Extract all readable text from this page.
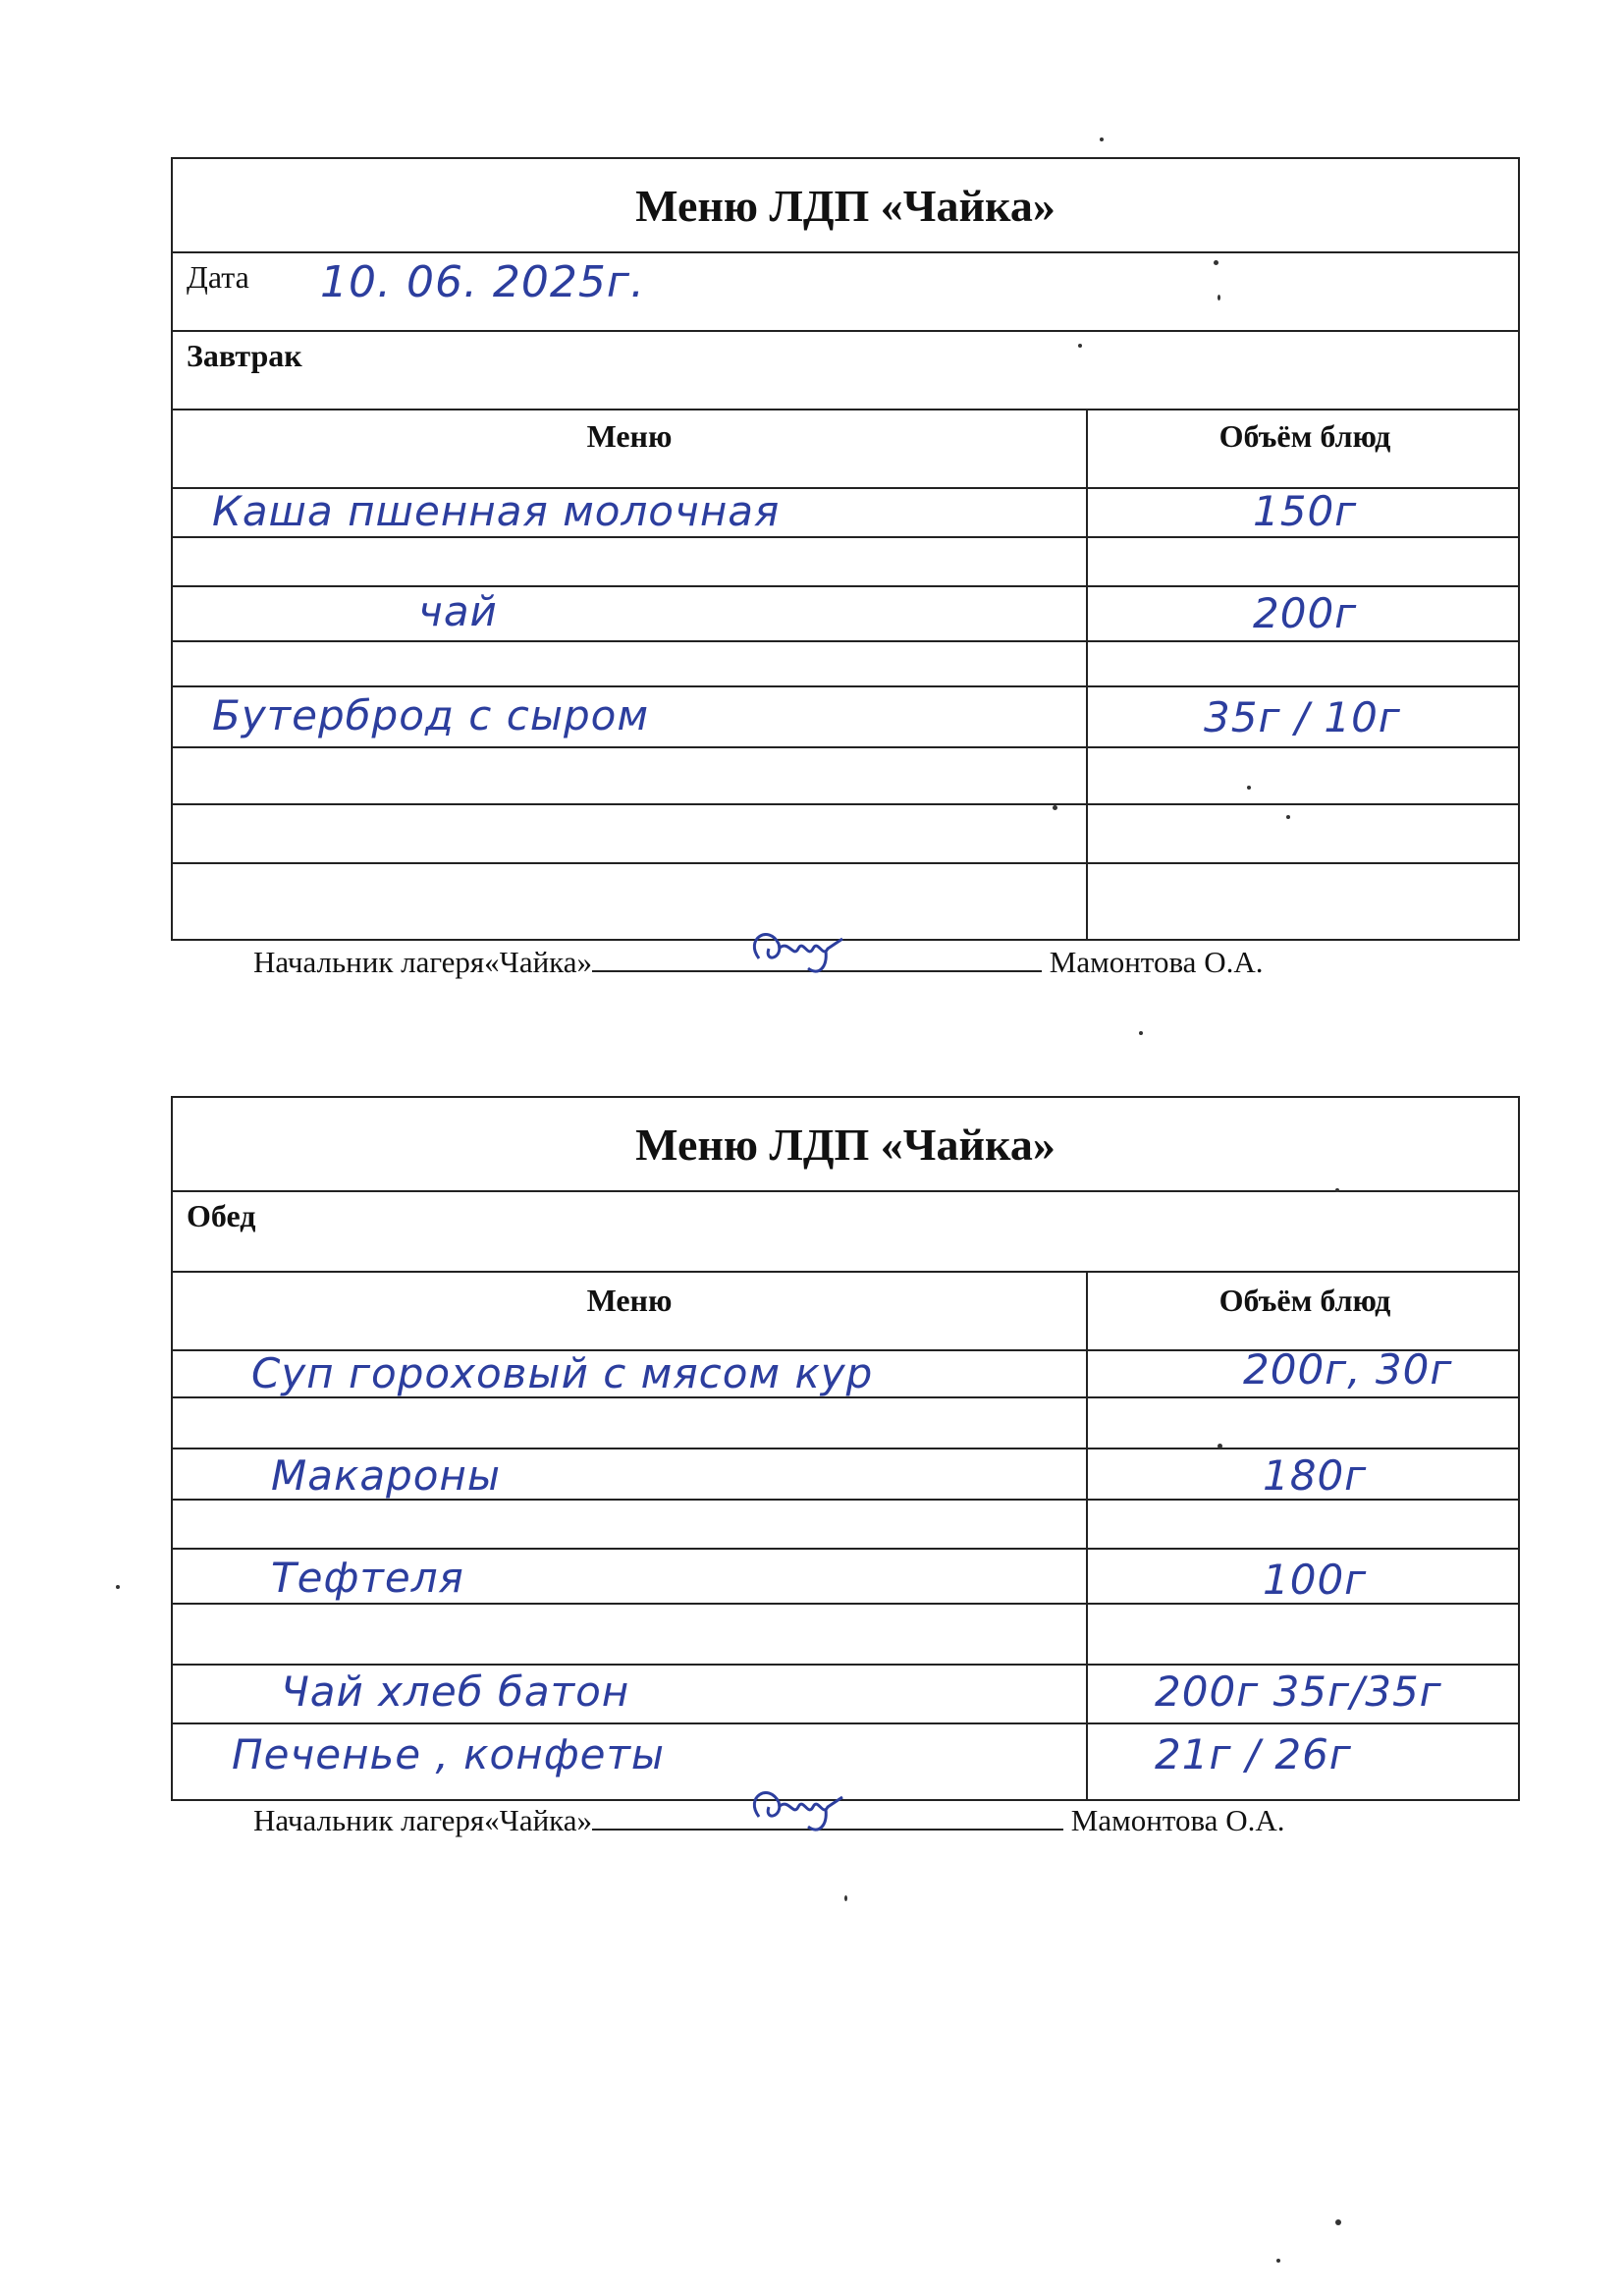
Меню ЛДП «Чайка»
Дата 10. 06. 2025г.
Завтрак
Меню	Объём блюд
Каша пшенная молочная	150г
чай	200г
Бутерброд с сыром	35г / 10г
Начальник лагеря«Чайка»	Мамонтова О.А.
Меню ЛДП «Чайка»
Обед
Меню	Объём блюд
Суп гороховый с мясом кур	200г, 30г
Макароны	180г
Тефтеля	100г
Чай хлеб батон	200г 35г/35г
Печенье , конфеты	21г / 26г
Начальник лагеря«Чайка»	Мамонтова О.А.
